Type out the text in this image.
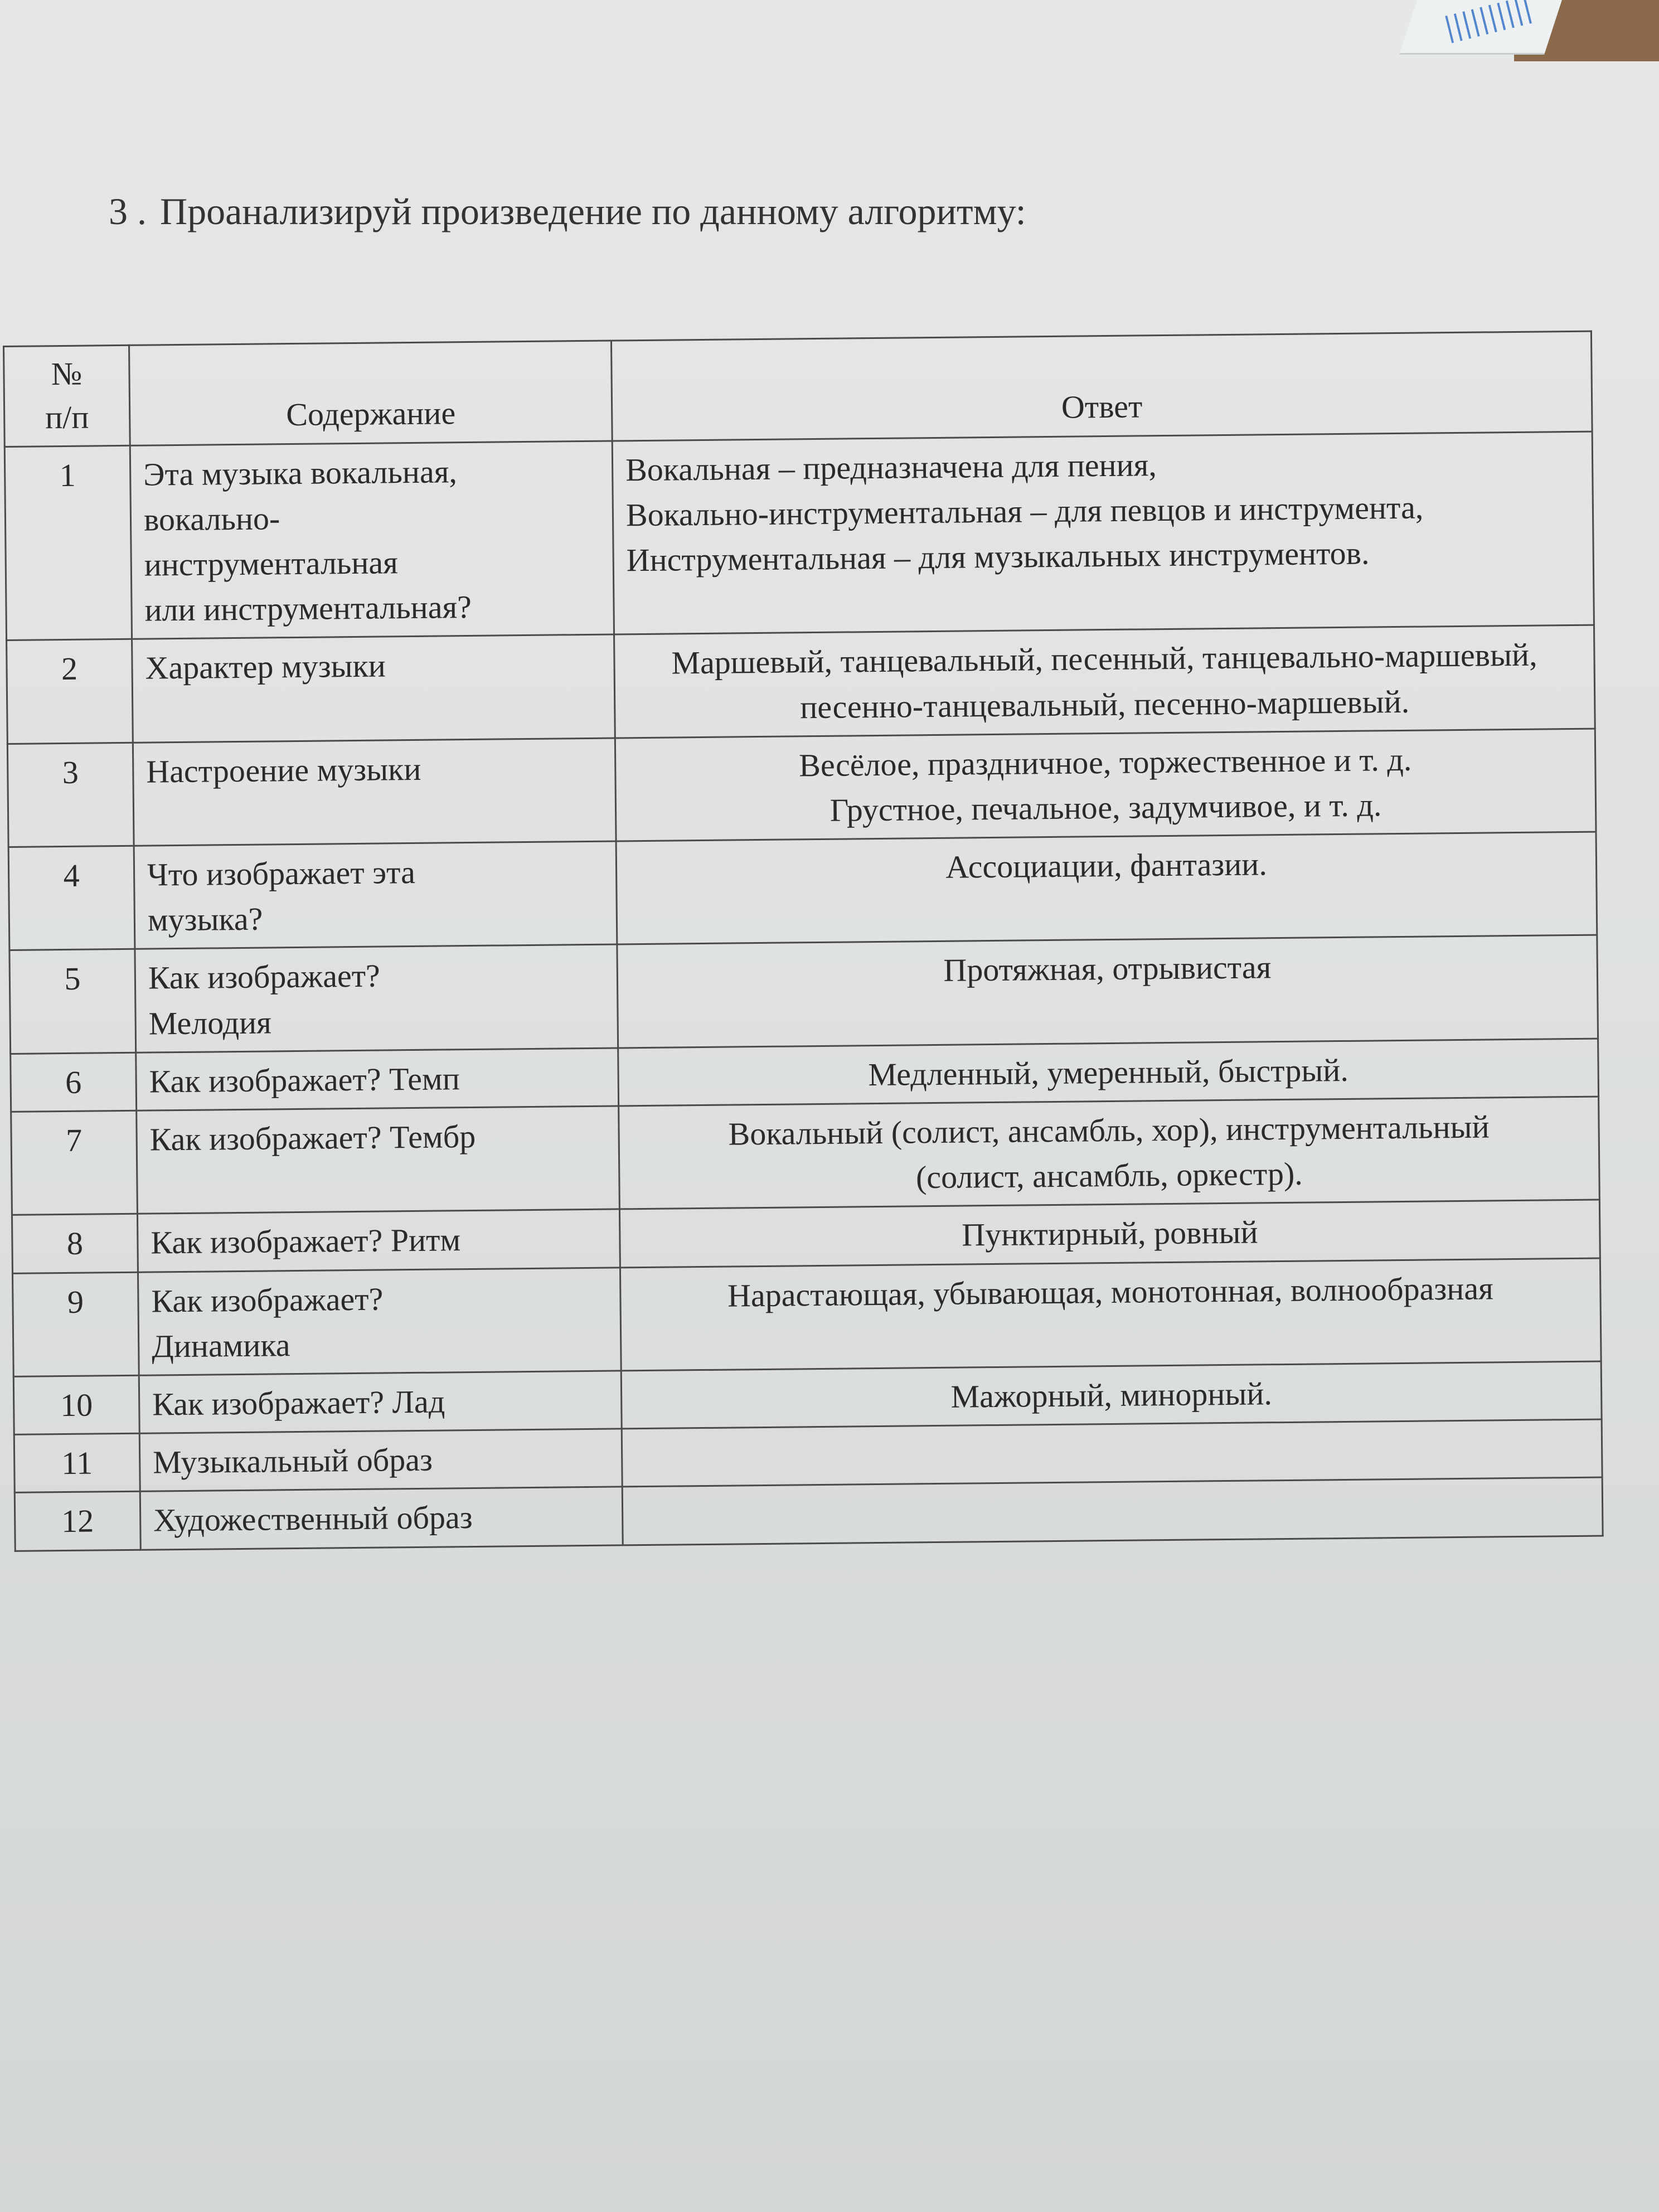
3 . Проанализируй произведение по данному алгоритму:
№
п/п	Содержание	Ответ
1	Эта музыка вокальная,
вокально-
инструментальная
или инструментальная?	Вокальная – предназначена для пения,
Вокально-инструментальная – для певцов и инструмента,
Инструментальная – для музыкальных инструментов.

2	Характер музыки	Маршевый, танцевальный, песенный, танцевально-маршевый,
песенно-танцевальный, песенно-маршевый.

3	Настроение музыки	Весёлое, праздничное, торжественное и т. д.
Грустное, печальное, задумчивое, и т. д.

4	Что изображает эта
музыка?	Ассоциации, фантазии.

5	Как изображает?
Мелодия	Протяжная, отрывистая

6	Как изображает? Темп	Медленный, умеренный, быстрый.

7	Как изображает? Тембр	Вокальный (солист, ансамбль, хор), инструментальный
(солист, ансамбль, оркестр).

8	Как изображает? Ритм	Пунктирный, ровный

9	Как изображает?
Динамика	Нарастающая, убывающая, монотонная, волнообразная

10	Как изображает? Лад	Мажорный, минорный.

11	Музыкальный образ	

12	Художественный образ	
